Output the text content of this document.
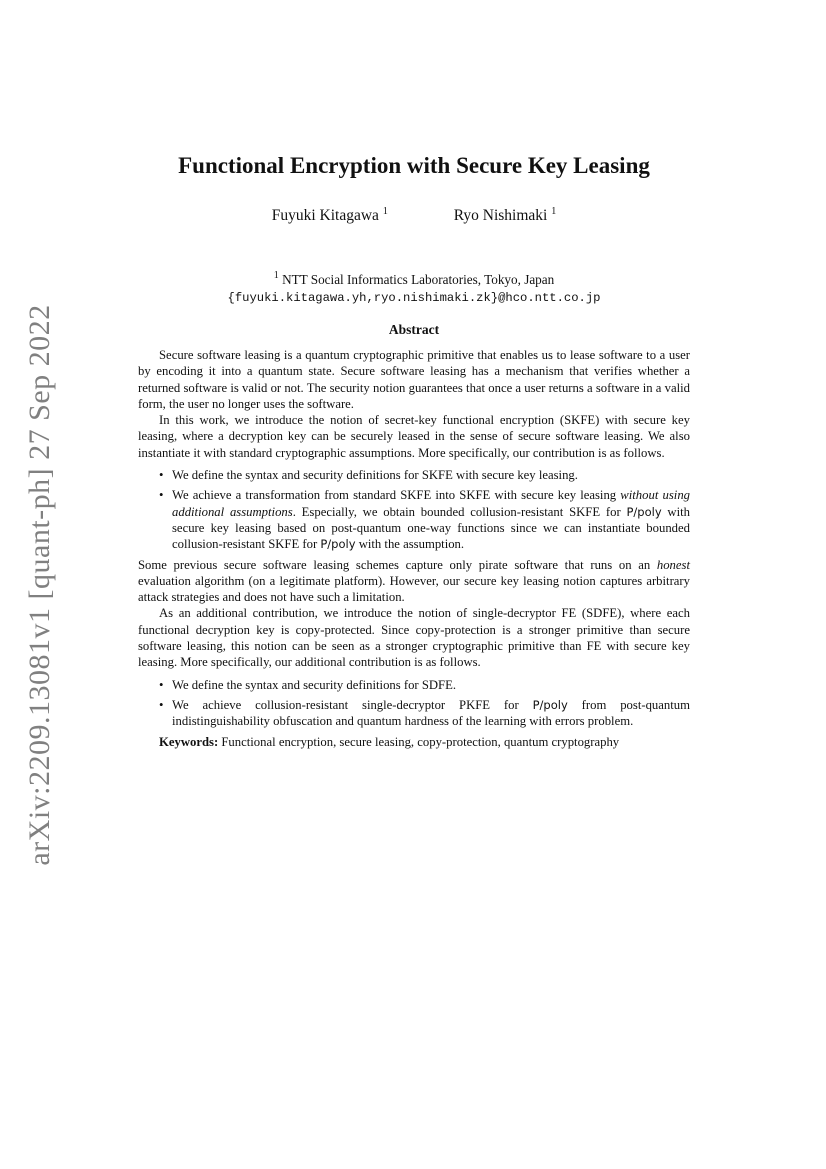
arXiv:2209.13081v1 [quant-ph] 27 Sep 2022
Functional Encryption with Secure Key Leasing
Fuyuki Kitagawa $^1$	Ryo Nishimaki $^1$
$^1$ NTT Social Informatics Laboratories, Tokyo, Japan
{fuyuki.kitagawa.yh,ryo.nishimaki.zk}@hco.ntt.co.jp
Abstract

Secure software leasing is a quantum cryptographic primitive that enables us to lease software to a user by encoding it into a quantum state. Secure software leasing has a mechanism that verifies whether a returned software is valid or not. The security notion guarantees that once a user returns a software in a valid form, the user no longer uses the software.

In this work, we introduce the notion of secret-key functional encryption (SKFE) with secure key leasing, where a decryption key can be securely leased in the sense of secure software leasing. We also instantiate it with standard cryptographic assumptions. More specifically, our contribution is as follows.

• We define the syntax and security definitions for SKFE with secure key leasing.
• We achieve a transformation from standard SKFE into SKFE with secure key leasing without using additional assumptions. Especially, we obtain bounded collusion-resistant SKFE for P/poly with secure key leasing based on post-quantum one-way functions since we can instantiate bounded collusion-resistant SKFE for P/poly with the assumption.

Some previous secure software leasing schemes capture only pirate software that runs on an honest evaluation algorithm (on a legitimate platform). However, our secure key leasing notion captures arbitrary attack strategies and does not have such a limitation.

As an additional contribution, we introduce the notion of single-decryptor FE (SDFE), where each functional decryption key is copy-protected. Since copy-protection is a stronger primitive than secure software leasing, this notion can be seen as a stronger cryptographic primitive than FE with secure key leasing. More specifically, our additional contribution is as follows.

• We define the syntax and security definitions for SDFE.
• We achieve collusion-resistant single-decryptor PKFE for P/poly from post-quantum indistinguishability obfuscation and quantum hardness of the learning with errors problem.

Keywords: Functional encryption, secure leasing, copy-protection, quantum cryptography
